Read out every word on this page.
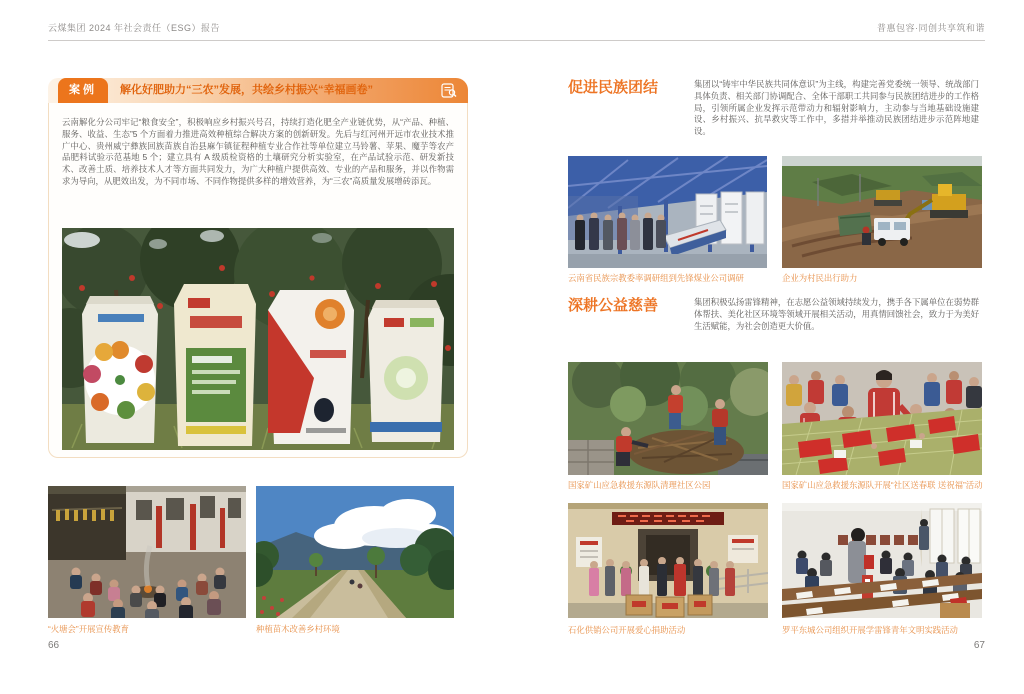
云煤集团 2024 年社会责任（ESG）报告	普惠包容·同创共享筑和谐
案例	解化好肥助力“三农”发展，共绘乡村振兴“幸福画卷”
云南解化分公司牢记“粮食安全”，积极响应乡村振兴号召，持续打造化肥全产业链优势，从“产品、种植、服务、收益、生态”5 个方面着力推进高效种植综合解决方案的创新研发。先后与红河州开远市农业技术推广中心、贵州威宁彝族回族苗族自治县麻乍镇征程种植专业合作社等单位建立马铃薯、苹果、魔芋等农产品肥料试验示范基地 5 个；建立具有 A 级质检资格的土壤研究分析实验室，在产品试验示范、研发新技术、改善土质、培养技术人才等方面共同发力，为广大种植户提供高效、专业的产品和服务，并以作物需求为导向，从肥效出发，为不同市场、不同作物提供多样的增效营养，为“三农”高质量发展增砖添瓦。
“火塘会”开展宣传教育	种植苗木改善乡村环境
66
促进民族团结	集团以“铸牢中华民族共同体意识”为主线，构建完善党委统一领导、统战部门具体负责、相关部门协调配合、全体干部职工共同参与民族团结进步的工作格局，引领所属企业发挥示范带动力和辐射影响力，主动参与当地基础设施建设、乡村振兴、抗旱救灾等工作中，多措并举推动民族团结进步示范阵地建设。
云南省民族宗教委率调研组到先锋煤业公司调研	企业为村民出行助力
深耕公益慈善	集团积极弘扬雷锋精神，在志愿公益领域持续发力，携手各下属单位在弱势群体帮扶、美化社区环境等领域开展相关活动，用真情回馈社会，致力于为美好生活赋能，为社会创造更大价值。
国家矿山应急救援东源队清理社区公园	国家矿山应急救援东源队开展“社区送春联 送祝福”活动
石化供销公司开展爱心捐助活动	罗平东城公司组织开展学雷锋青年文明实践活动
67
